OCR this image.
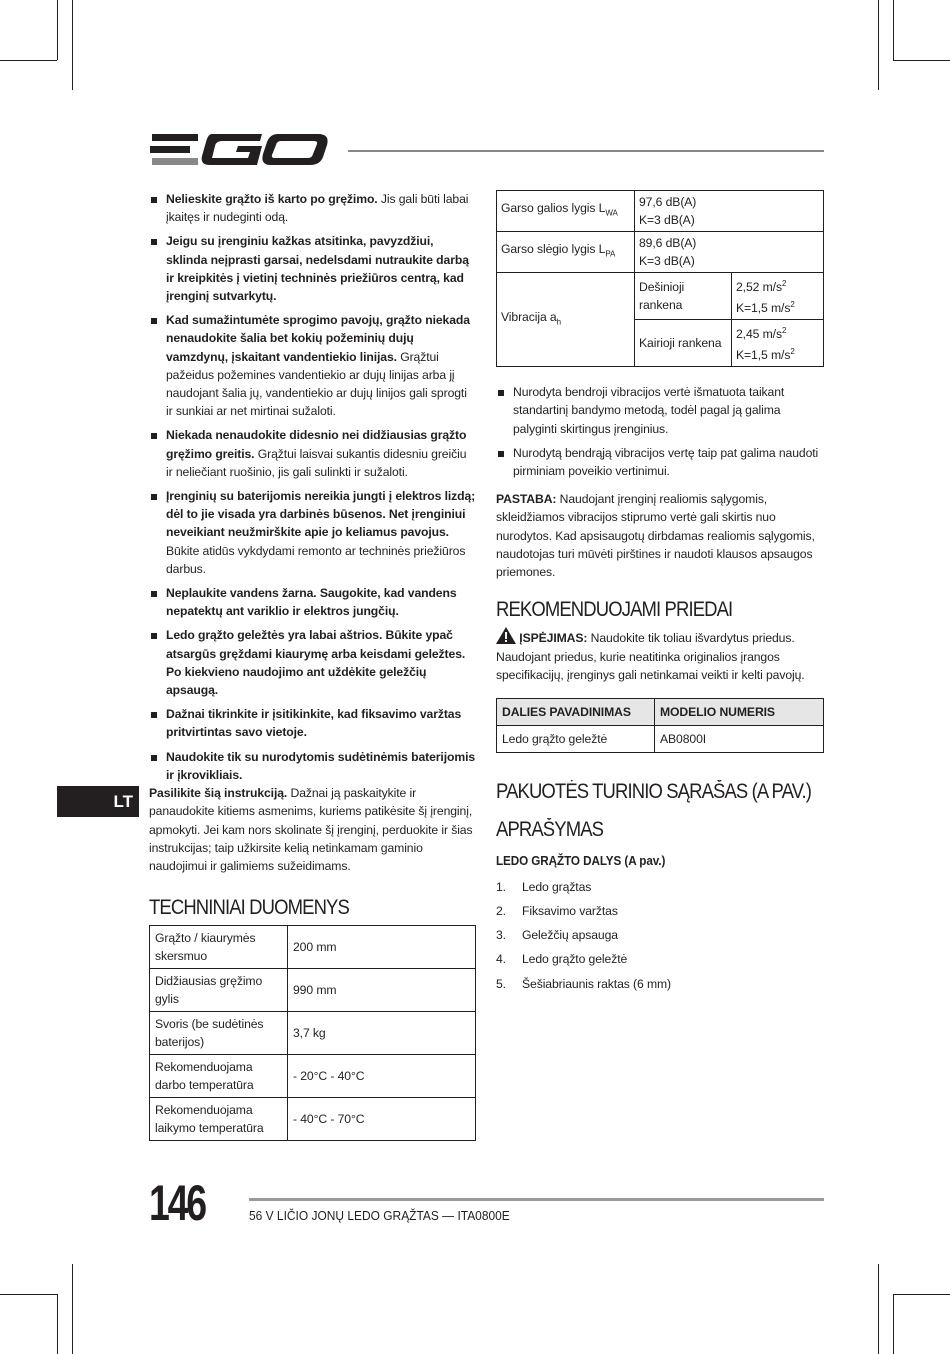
Nelieskite grąžto iš karto po gręžimo. Jis gali būti labai įkaitęs ir nudeginti odą.
Jeigu su įrenginiu kažkas atsitinka, pavyzdžiui, sklinda neįprasti garsai, nedelsdami nutraukite darbą ir kreipkitės į vietinį techninės priežiūros centrą, kad įrenginį sutvarkytų.
Kad sumažintumėte sprogimo pavojų, grąžto niekada nenaudokite šalia bet kokių požeminių dujų vamzdynų, įskaitant vandentiekio linijas. Grąžtui pažeidus požemines vandentiekio ar dujų linijas arba jį naudojant šalia jų, vandentiekio ar dujų linijos gali sprogti ir sunkiai ar net mirtinai sužaloti.
Niekada nenaudokite didesnio nei didžiausias grąžto gręžimo greitis. Grąžtui laisvai sukantis didesniu greičiu ir neliečiant ruošinio, jis gali sulinkti ir sužaloti.
Įrenginių su baterijomis nereikia jungti į elektros lizdą; dėl to jie visada yra darbinės būsenos. Net įrenginiui neveikiant neužmirškite apie jo keliamus pavojus. Būkite atidūs vykdydami remonto ar techninės priežiūros darbus.
Neplaukite vandens žarna. Saugokite, kad vandens nepatektų ant variklio ir elektros jungčių.
Ledo grąžto geležtės yra labai aštrios. Būkite ypač atsargūs gręždami kiaurymę arba keisdami geležtes. Po kiekvieno naudojimo ant uždėkite geležčių apsaugą.
Dažnai tikrinkite ir įsitikinkite, kad fiksavimo varžtas pritvirtintas savo vietoje.
Naudokite tik su nurodytomis sudėtinėmis baterijomis ir įkrovikliais.

Pasilikite šią instrukciją. Dažnai ją paskaitykite ir panaudokite kitiems asmenims, kuriems patikėsite šį įrenginį, apmokyti. Jei kam nors skolinate šį įrenginį, perduokite ir šias instrukcijas; taip užkirsite kelią netinkamam gaminio naudojimui ir galimiems sužeidimams.

TECHNINIAI DUOMENYS
Grąžto / kiaurymės skersmuo	200 mm
Didžiausias gręžimo gylis	990 mm
Svoris (be sudėtinės baterijos)	3,7 kg
Rekomenduojama darbo temperatūra	- 20°C - 40°C
Rekomenduojama laikymo temperatūra	- 40°C - 70°C
Garso galios lygis $L_{WA}$	97,6 dB(A)
K=3 dB(A)	
Garso slėgio lygis $L_{PA}$	89,6 dB(A)
K=3 dB(A)	
Vibracija $a_h$	Dešinioji rankena	2,52 $m/s^2$
K=1,5 $m/s^2$
	Kairioji rankena	2,45 $m/s^2$
K=1,5 $m/s^2$
Nurodyta bendroji vibracijos vertė išmatuota taikant standartinį bandymo metodą, todėl pagal ją galima palyginti skirtingus įrenginius.
Nurodytą bendrąją vibracijos vertę taip pat galima naudoti pirminiam poveikio vertinimui.

PASTABA: Naudojant įrenginį realiomis sąlygomis, skleidžiamos vibracijos stiprumo vertė gali skirtis nuo nurodytos. Kad apsisaugotų dirbdamas realiomis sąlygomis, naudotojas turi mūvėti pirštines ir naudoti klausos apsaugos priemones.

REKOMENDUOJAMI PRIEDAI

ĮSPĖJIMAS: Naudokite tik toliau išvardytus priedus. Naudojant priedus, kurie neatitinka originalios įrangos specifikacijų, įrenginys gali netinkamai veikti ir kelti pavojų.

DALIES PAVADINIMAS	MODELIO NUMERIS
Ledo grąžto geležtė	AB0800I
PAKUOTĖS TURINIO SĄRAŠAS (A PAV.)
APRAŠYMAS
LEDO GRĄŽTO DALYS (A pav.)
1. Ledo grąžtas
2. Fiksavimo varžtas
3. Geležčių apsauga
4. Ledo grąžto geležtė
5. Šešiabriaunis raktas (6 mm)
LT
146	56 V LIČIO JONŲ LEDO GRĄŽTAS — ITA0800E
